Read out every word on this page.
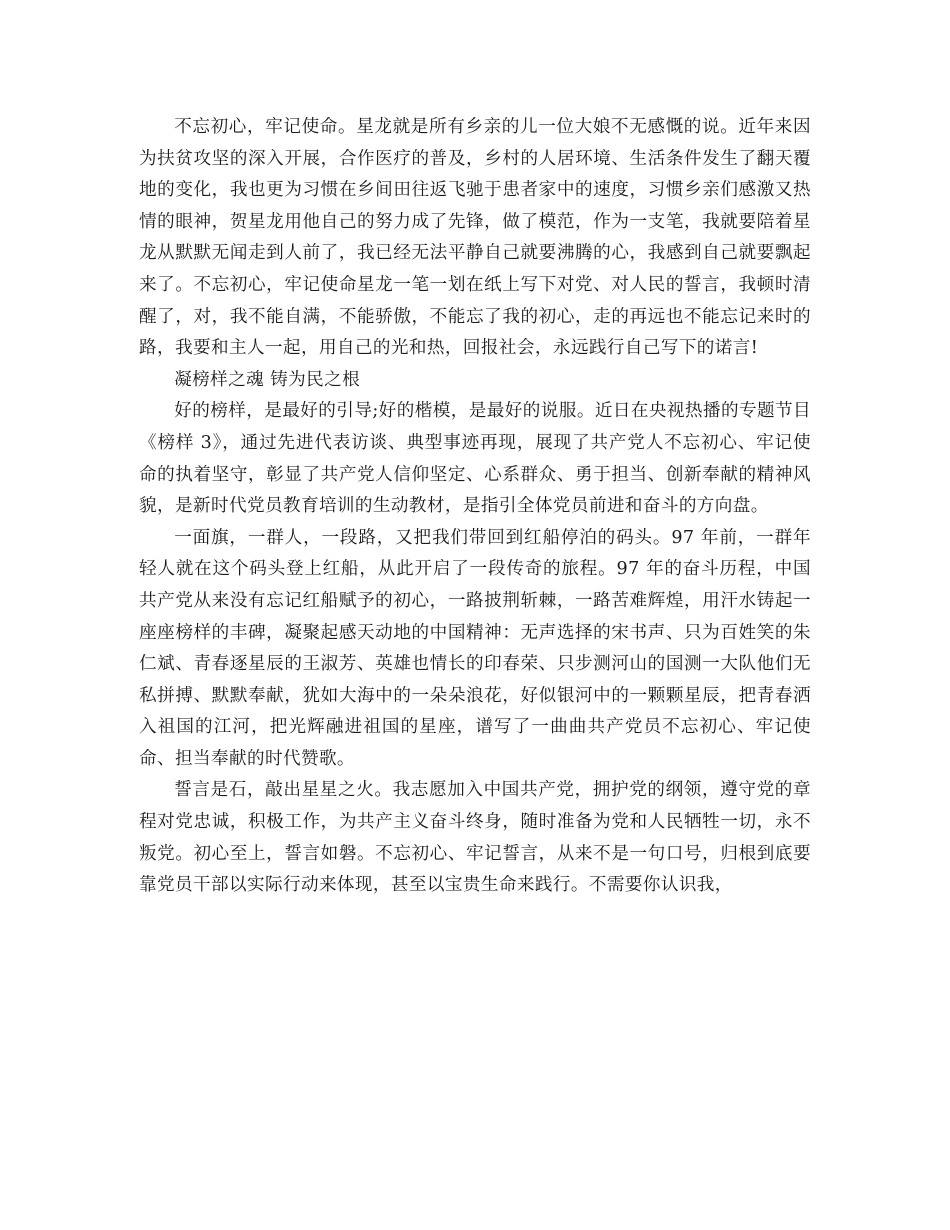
不忘初心，牢记使命。星龙就是所有乡亲的儿一位大娘不无感慨的说。近年来因为扶贫攻坚的深入开展，合作医疗的普及，乡村的人居环境、生活条件发生了翻天覆地的变化，我也更为习惯在乡间田往返飞驰于患者家中的速度，习惯乡亲们感激又热情的眼神，贺星龙用他自己的努力成了先锋，做了模范，作为一支笔，我就要陪着星龙从默默无闻走到人前了，我已经无法平静自己就要沸腾的心，我感到自己就要飘起来了。不忘初心，牢记使命星龙一笔一划在纸上写下对党、对人民的誓言，我顿时清醒了，对，我不能自满，不能骄傲，不能忘了我的初心，走的再远也不能忘记来时的路，我要和主人一起，用自己的光和热，回报社会，永远践行自己写下的诺言!

凝榜样之魂 铸为民之根

好的榜样，是最好的引导;好的楷模，是最好的说服。近日在央视热播的专题节目《榜样 3》，通过先进代表访谈、典型事迹再现，展现了共产党人不忘初心、牢记使命的执着坚守，彰显了共产党人信仰坚定、心系群众、勇于担当、创新奉献的精神风貌，是新时代党员教育培训的生动教材，是指引全体党员前进和奋斗的方向盘。

一面旗，一群人，一段路，又把我们带回到红船停泊的码头。97 年前，一群年轻人就在这个码头登上红船，从此开启了一段传奇的旅程。97 年的奋斗历程，中国共产党从来没有忘记红船赋予的初心，一路披荆斩棘，一路苦难辉煌，用汗水铸起一座座榜样的丰碑，凝聚起感天动地的中国精神：无声选择的宋书声、只为百姓笑的朱仁斌、青春逐星辰的王淑芳、英雄也情长的印春荣、只步测河山的国测一大队他们无私拼搏、默默奉献，犹如大海中的一朵朵浪花，好似银河中的一颗颗星辰，把青春洒入祖国的江河，把光辉融进祖国的星座，谱写了一曲曲共产党员不忘初心、牢记使命、担当奉献的时代赞歌。

誓言是石，敲出星星之火。我志愿加入中国共产党，拥护党的纲领，遵守党的章程对党忠诚，积极工作，为共产主义奋斗终身，随时准备为党和人民牺牲一切，永不叛党。初心至上，誓言如磐。不忘初心、牢记誓言，从来不是一句口号，归根到底要靠党员干部以实际行动来体现，甚至以宝贵生命来践行。不需要你认识我，
